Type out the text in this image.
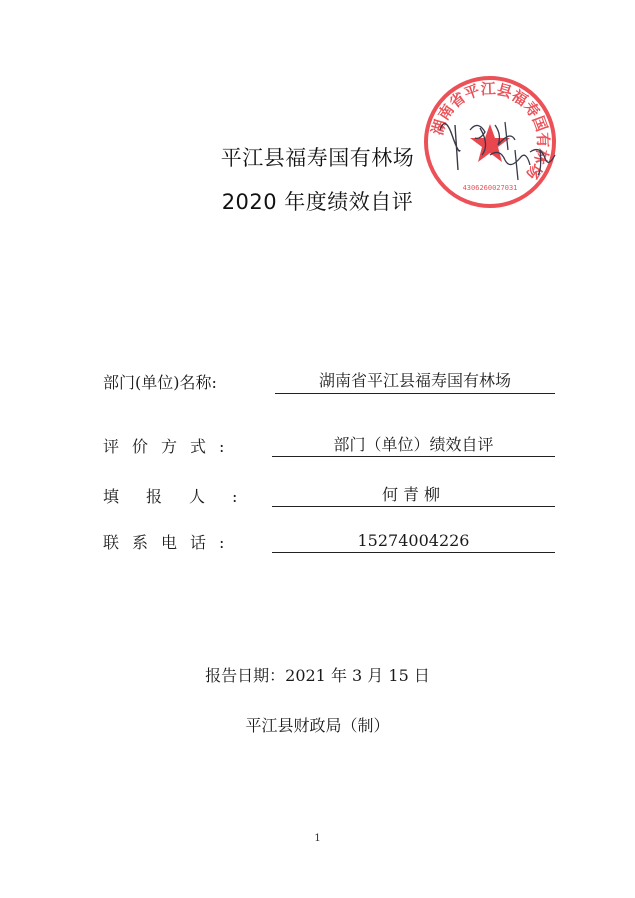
湖南省平江县福寿国有林场
4306260027031
平江县福寿国有林场
2020 年度绩效自评
部门(单位)名称:	湖南省平江县福寿国有林场
评价方式:	部门（单位）绩效自评
填报人:	何青柳
联系电话:	15274004226
报告日期：2021 年 3 月 15 日
平江县财政局（制）
1
